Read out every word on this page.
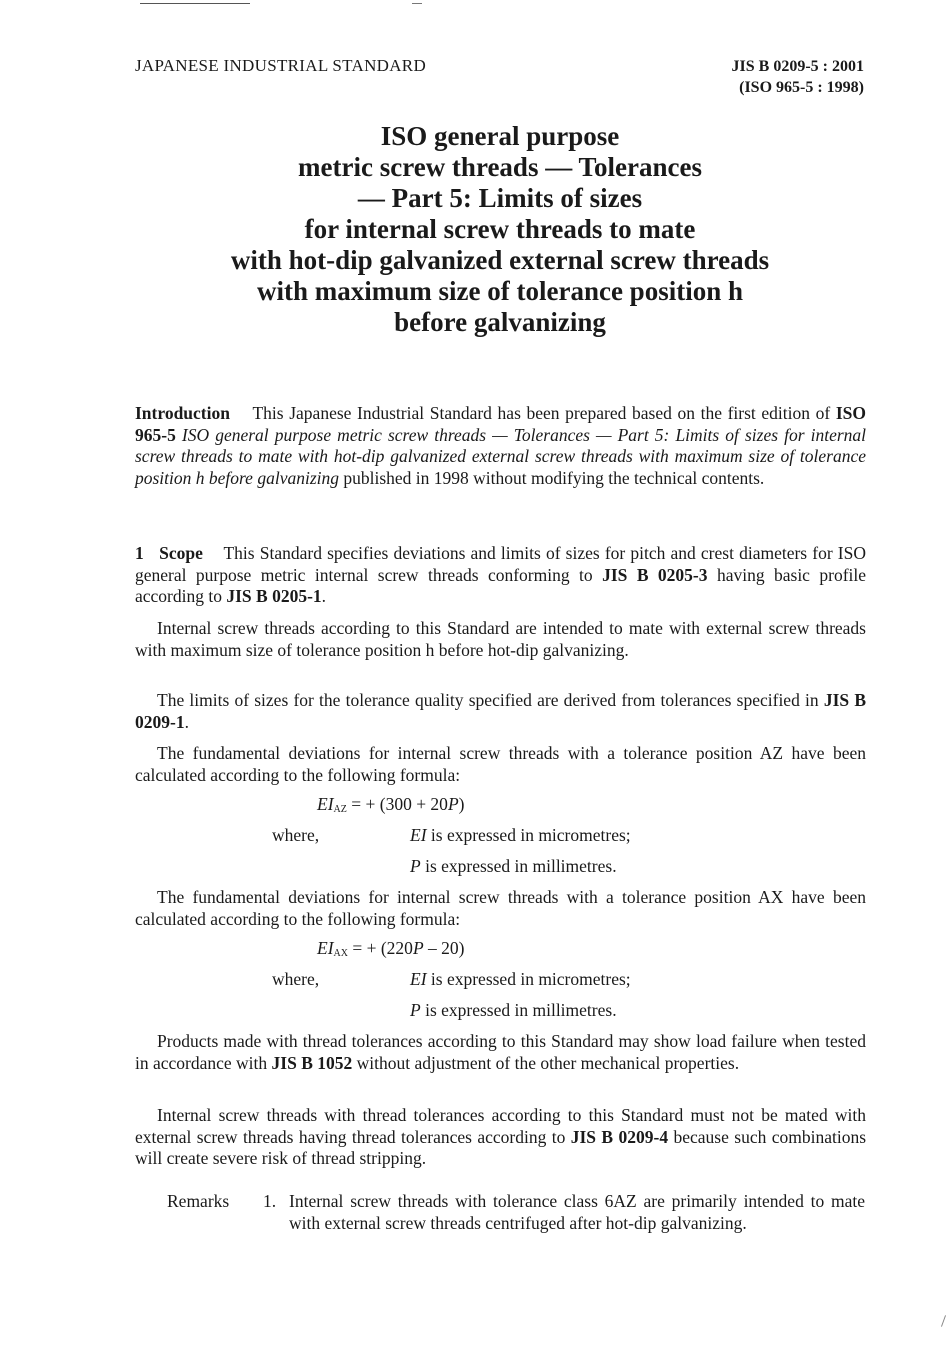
JAPANESE INDUSTRIAL STANDARD	JIS B 0209-5 : 2001
(ISO 965-5 : 1998)
ISO general purpose
metric screw threads — Tolerances
— Part 5: Limits of sizes
for internal screw threads to mate
with hot-dip galvanized external screw threads
with maximum size of tolerance position h
before galvanizing
Introduction This Japanese Industrial Standard has been prepared based on the first edition of ISO 965-5 ISO general purpose metric screw threads — Tolerances — Part 5: Limits of sizes for internal screw threads to mate with hot-dip galvanized external screw threads with maximum size of tolerance position h before galvanizing published in 1998 without modifying the technical contents.
1 Scope This Standard specifies deviations and limits of sizes for pitch and crest diameters for ISO general purpose metric internal screw threads conforming to JIS B 0205-3 having basic profile according to JIS B 0205-1.
Internal screw threads according to this Standard are intended to mate with external screw threads with maximum size of tolerance position h before hot-dip galvanizing.
The limits of sizes for the tolerance quality specified are derived from tolerances specified in JIS B 0209-1.
The fundamental deviations for internal screw threads with a tolerance position AZ have been calculated according to the following formula:
$EI_{AZ}$ = + (300 + 20P)
where,	EI is expressed in micrometres;
P is expressed in millimetres.
The fundamental deviations for internal screw threads with a tolerance position AX have been calculated according to the following formula:
$EI_{AX}$ = + (220P – 20)
where,	EI is expressed in micrometres;
P is expressed in millimetres.
Products made with thread tolerances according to this Standard may show load failure when tested in accordance with JIS B 1052 without adjustment of the other mechanical properties.
Internal screw threads with thread tolerances according to this Standard must not be mated with external screw threads having thread tolerances according to JIS B 0209-4 because such combinations will create severe risk of thread stripping.
Remarks 1. Internal screw threads with tolerance class 6AZ are primarily intended to mate with external screw threads centrifuged after hot-dip galvanizing.
